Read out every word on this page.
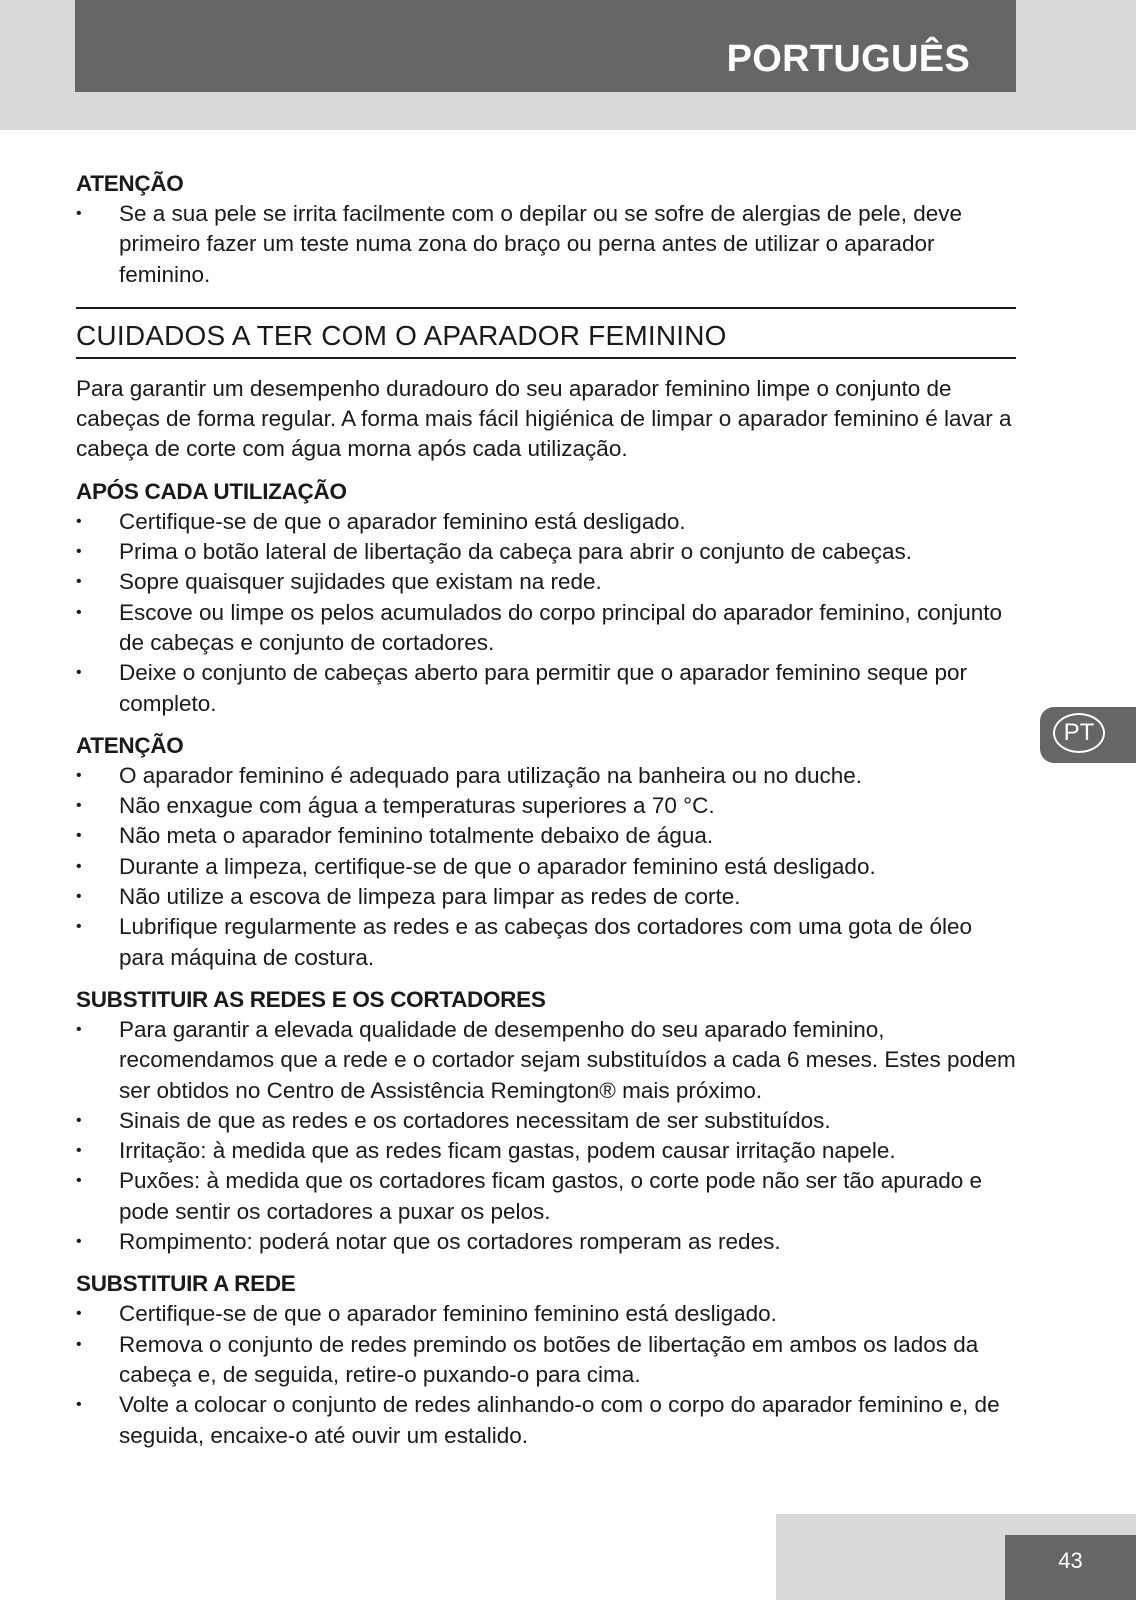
PORTUGUÊS
ATENÇÃO
• Se a sua pele se irrita facilmente com o depilar ou se sofre de alergias de pele, deve primeiro fazer um teste numa zona do braço ou perna antes de utilizar o aparador feminino.
CUIDADOS A TER COM O APARADOR FEMININO

Para garantir um desempenho duradouro do seu aparador feminino limpe o conjunto de cabeças de forma regular. A forma mais fácil higiénica de limpar o aparador feminino é lavar a cabeça de corte com água morna após cada utilização.

APÓS CADA UTILIZAÇÃO
• Certifique-se de que o aparador feminino está desligado.
• Prima o botão lateral de libertação da cabeça para abrir o conjunto de cabeças.
• Sopre quaisquer sujidades que existam na rede.
• Escove ou limpe os pelos acumulados do corpo principal do aparador feminino, conjunto de cabeças e conjunto de cortadores.
• Deixe o conjunto de cabeças aberto para permitir que o aparador feminino seque por completo.
ATENÇÃO
• O aparador feminino é adequado para utilização na banheira ou no duche.
• Não enxague com água a temperaturas superiores a 70 °C.
• Não meta o aparador feminino totalmente debaixo de água.
• Durante a limpeza, certifique-se de que o aparador feminino está desligado.
• Não utilize a escova de limpeza para limpar as redes de corte.
• Lubrifique regularmente as redes e as cabeças dos cortadores com uma gota de óleo para máquina de costura.
SUBSTITUIR AS REDES E OS CORTADORES
• Para garantir a elevada qualidade de desempenho do seu aparado feminino, recomendamos que a rede e o cortador sejam substituídos a cada 6 meses. Estes podem ser obtidos no Centro de Assistência Remington® mais próximo.
• Sinais de que as redes e os cortadores necessitam de ser substituídos.
• Irritação: à medida que as redes ficam gastas, podem causar irritação napele.
• Puxões: à medida que os cortadores ficam gastos, o corte pode não ser tão apurado e pode sentir os cortadores a puxar os pelos.
• Rompimento: poderá notar que os cortadores romperam as redes.
SUBSTITUIR A REDE
• Certifique-se de que o aparador feminino feminino está desligado.
• Remova o conjunto de redes premindo os botões de libertação em ambos os lados da cabeça e, de seguida, retire-o puxando-o para cima.
• Volte a colocar o conjunto de redes alinhando-o com o corpo do aparador feminino e, de seguida, encaixe-o até ouvir um estalido.
PT
43
